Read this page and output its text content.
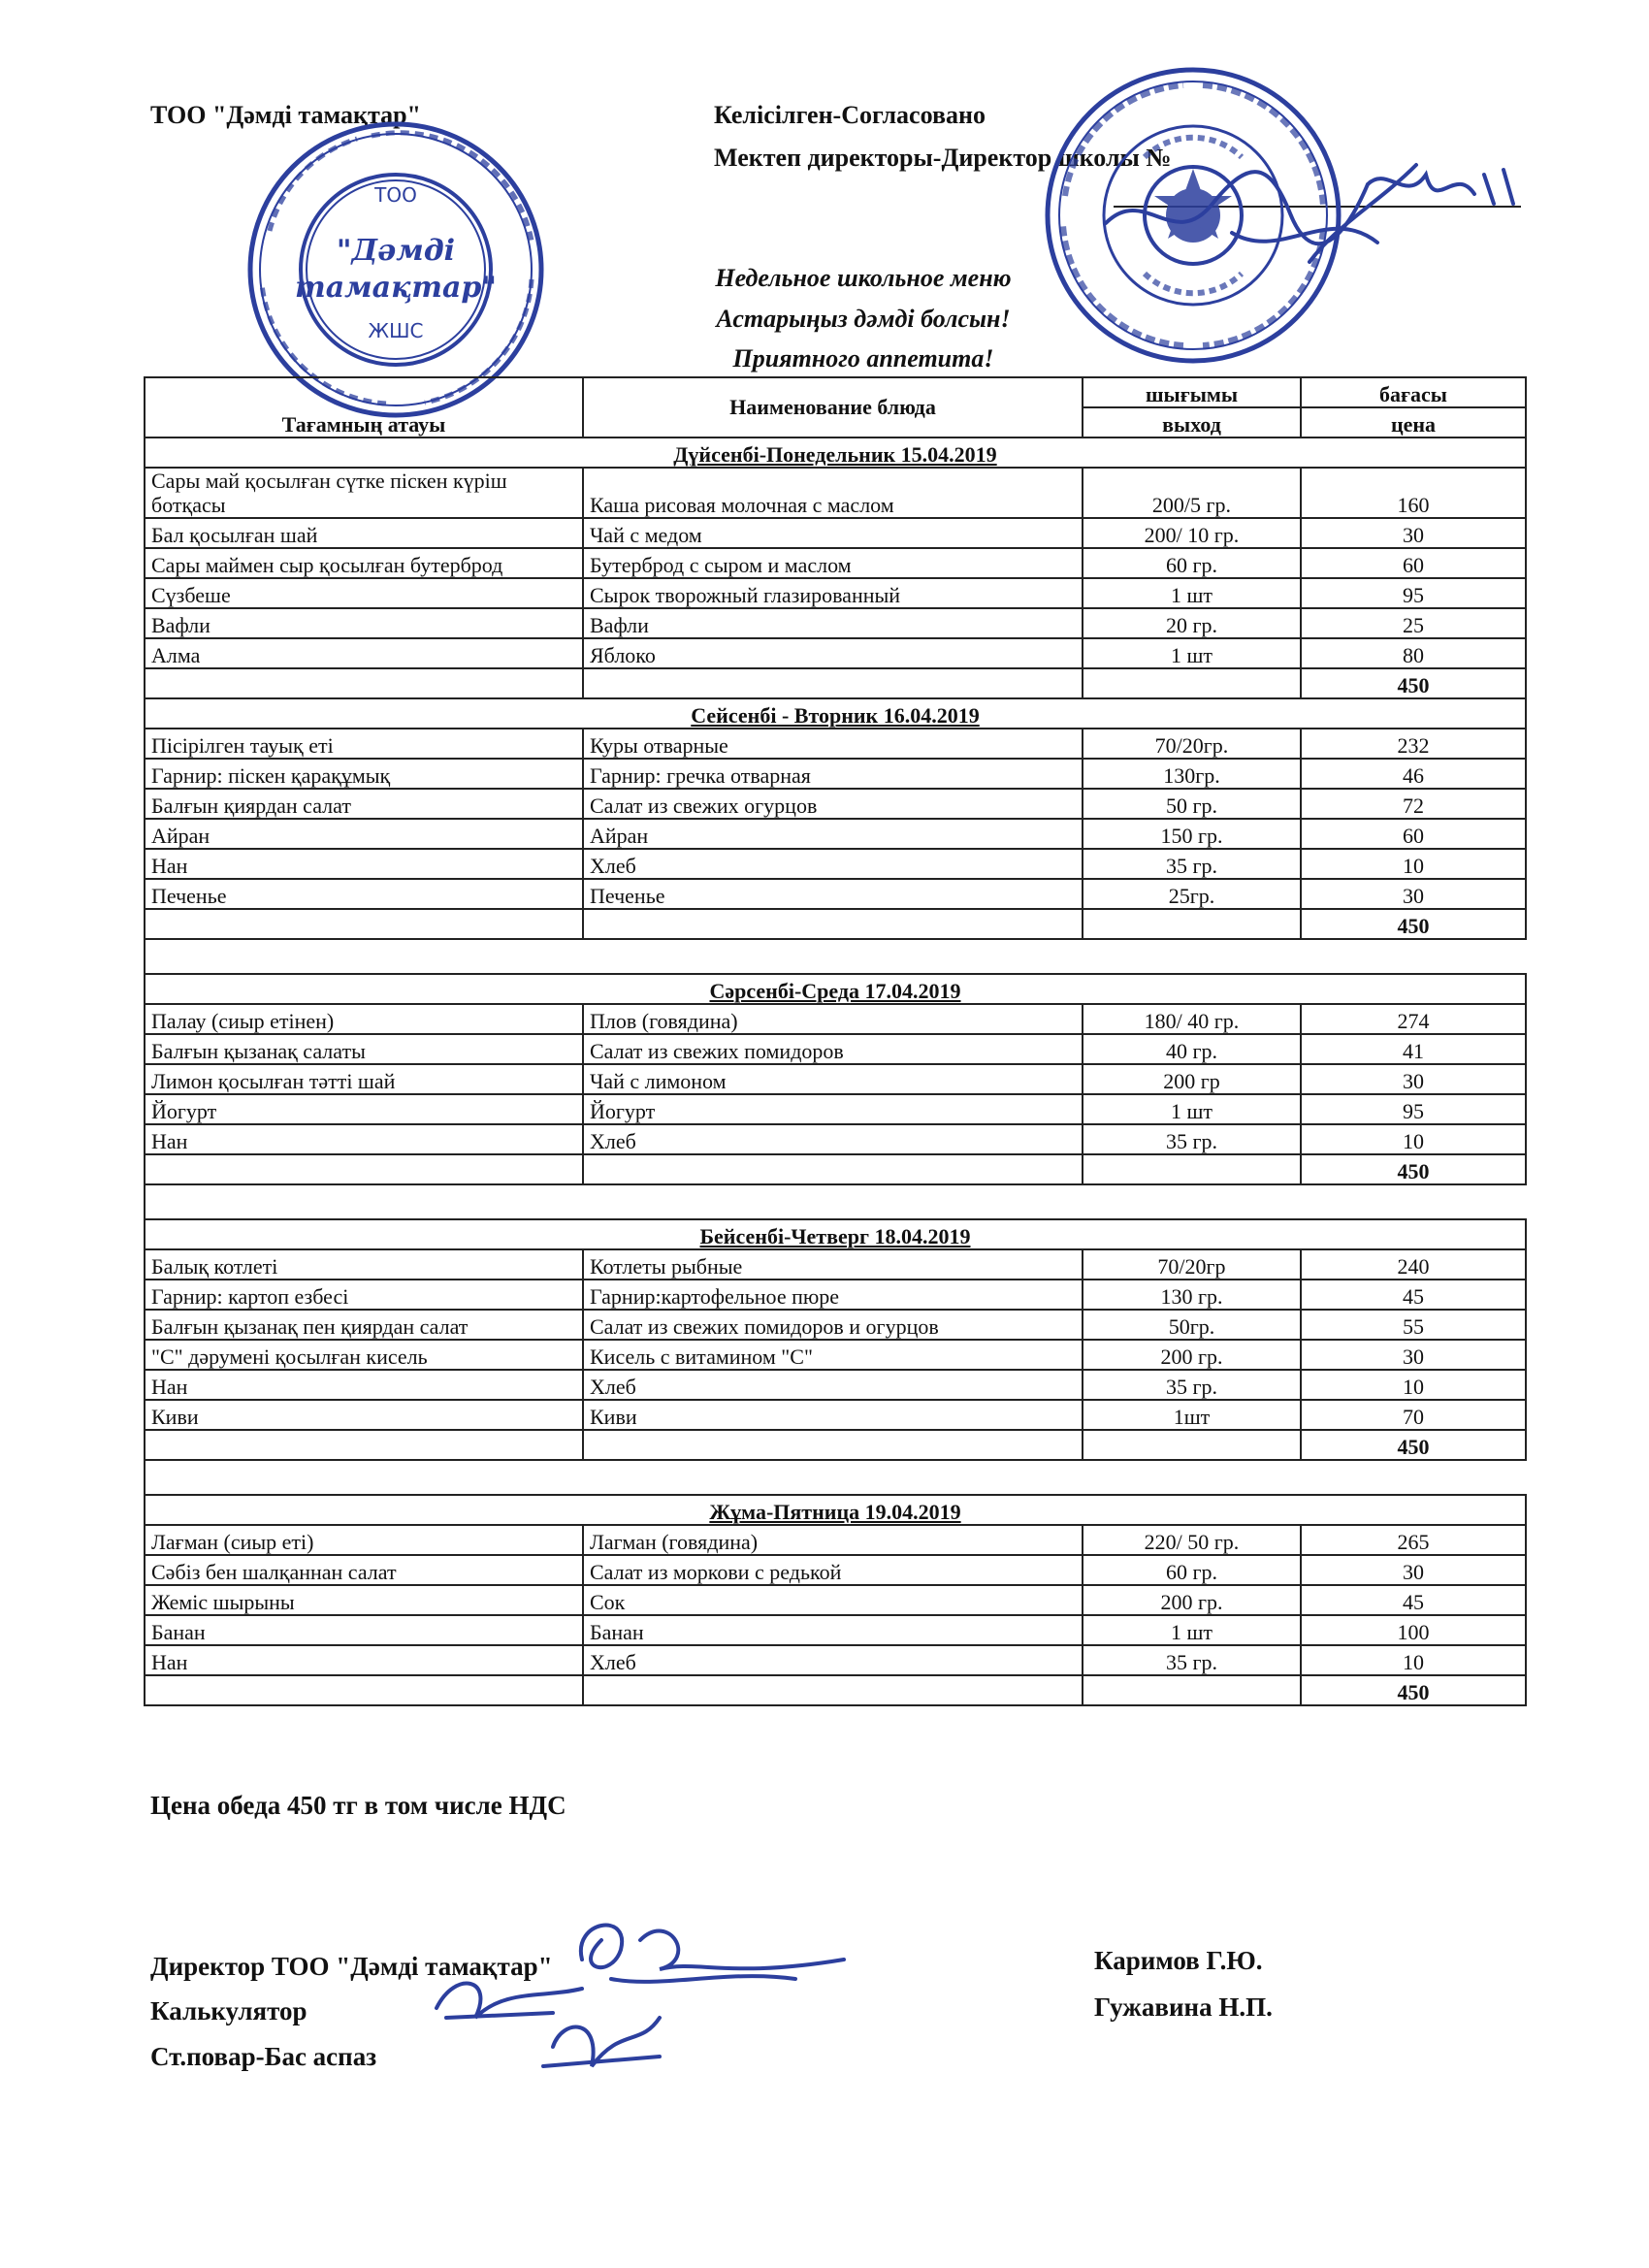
ТОО "Дәмді тамақтар"	Келісілген-Согласовано
Мектеп директоры-Директор школы №
Недельное школьное меню
Астарыңыз дәмді болсын!
Приятного аппетита!
ТОО
"Дәмді
тамақтар"
ЖШС
Тағамның атауы	Наименование блюда	шығымы	бағасы
		выход	цена
Дүйсенбі-Понедельник 15.04.2019			
Сары май қосылған сүтке піскен күріш ботқасы	Каша рисовая молочная с маслом	200/5 гр.	160
Бал қосылған шай	Чай с медом	200/ 10 гр.	30
Сары маймен сыр қосылған бутерброд	Бутерброд с сыром и маслом	60 гр.	60
Сүзбеше	Сырок творожный глазированный	1 шт	95
Вафли	Вафли	20 гр.	25
Алма	Яблоко	1 шт	80
			450
Сейсенбі - Вторник 16.04.2019			
Пісірілген тауық еті	Куры отварные	70/20гр.	232
Гарнир: піскен қарақұмық	Гарнир: гречка отварная	130гр.	46
Балғын қиярдан салат	Салат из свежих огурцов	50 гр.	72
Айран	Айран	150 гр.	60
Нан	Хлеб	35 гр.	10
Печенье	Печенье	25гр.	30
			450

Сәрсенбі-Среда 17.04.2019			
Палау (сиыр етінен)	Плов (говядина)	180/ 40 гр.	274
Балғын қызанақ салаты	Салат из свежих помидоров	40 гр.	41
Лимон қосылған тәтті шай	Чай с лимоном	200 гр	30
Йогурт	Йогурт	1 шт	95
Нан	Хлеб	35 гр.	10
			450

Бейсенбі-Четверг 18.04.2019			
Балық котлеті	Котлеты рыбные	70/20гр	240
Гарнир: картоп езбесі	Гарнир:картофельное пюре	130 гр.	45
Балғын қызанақ пен қиярдан салат	Салат из свежих помидоров и огурцов	50гр.	55
"С" дәрумені қосылған кисель	Кисель с витамином "С"	200 гр.	30
Нан	Хлеб	35 гр.	10
Киви	Киви	1шт	70
			450

Жұма-Пятница 19.04.2019			
Лағман (сиыр еті)	Лагман (говядина)	220/ 50 гр.	265
Сәбіз бен шалқаннан салат	Салат из моркови с редькой	60 гр.	30
Жеміс шырыны	Сок	200 гр.	45
Банан	Банан	1 шт	100
Нан	Хлеб	35 гр.	10
			450
Цена обеда 450 тг в том числе НДС
Директор ТОО "Дәмді тамақтар"
Калькулятор
Ст.повар-Бас аспаз
Каримов Г.Ю.
Гужавина Н.П.
